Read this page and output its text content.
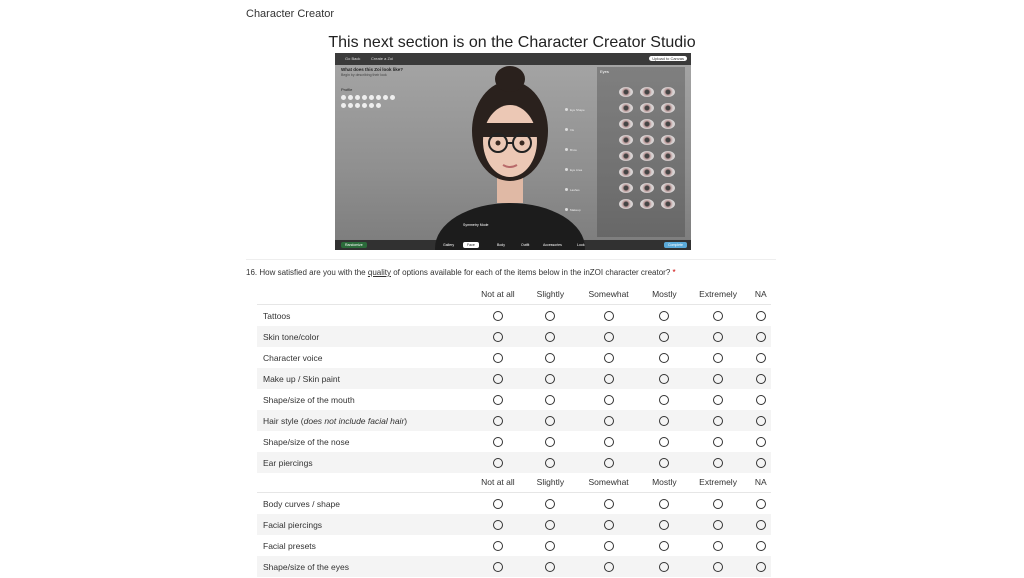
Character Creator
This next section is on the Character Creator Studio
Go Back	Create a Zoi	Upload to Canvas
What does this Zoi look like?
Begin by describing their look
Profile
Eye Shape
Iris
Brow
Eye Area
Lashes
Makeup
Eyes
Symmetry Mode
Randomize	Gallery	Face	Body	Outfit	Accessories	Look	Complete
16. How satisfied are you with the quality of options available for each of the items below in the inZOI character creator? *
	Not at all	Slightly	Somewhat	Mostly	Extremely	NA
Tattoos						
Skin tone/color						
Character voice						
Make up / Skin paint						
Shape/size of the mouth						
Hair style (does not include facial hair)						
Shape/size of the nose						
Ear piercings						
	Not at all	Slightly	Somewhat	Mostly	Extremely	NA
Body curves / shape						
Facial piercings						
Facial presets						
Shape/size of the eyes						
